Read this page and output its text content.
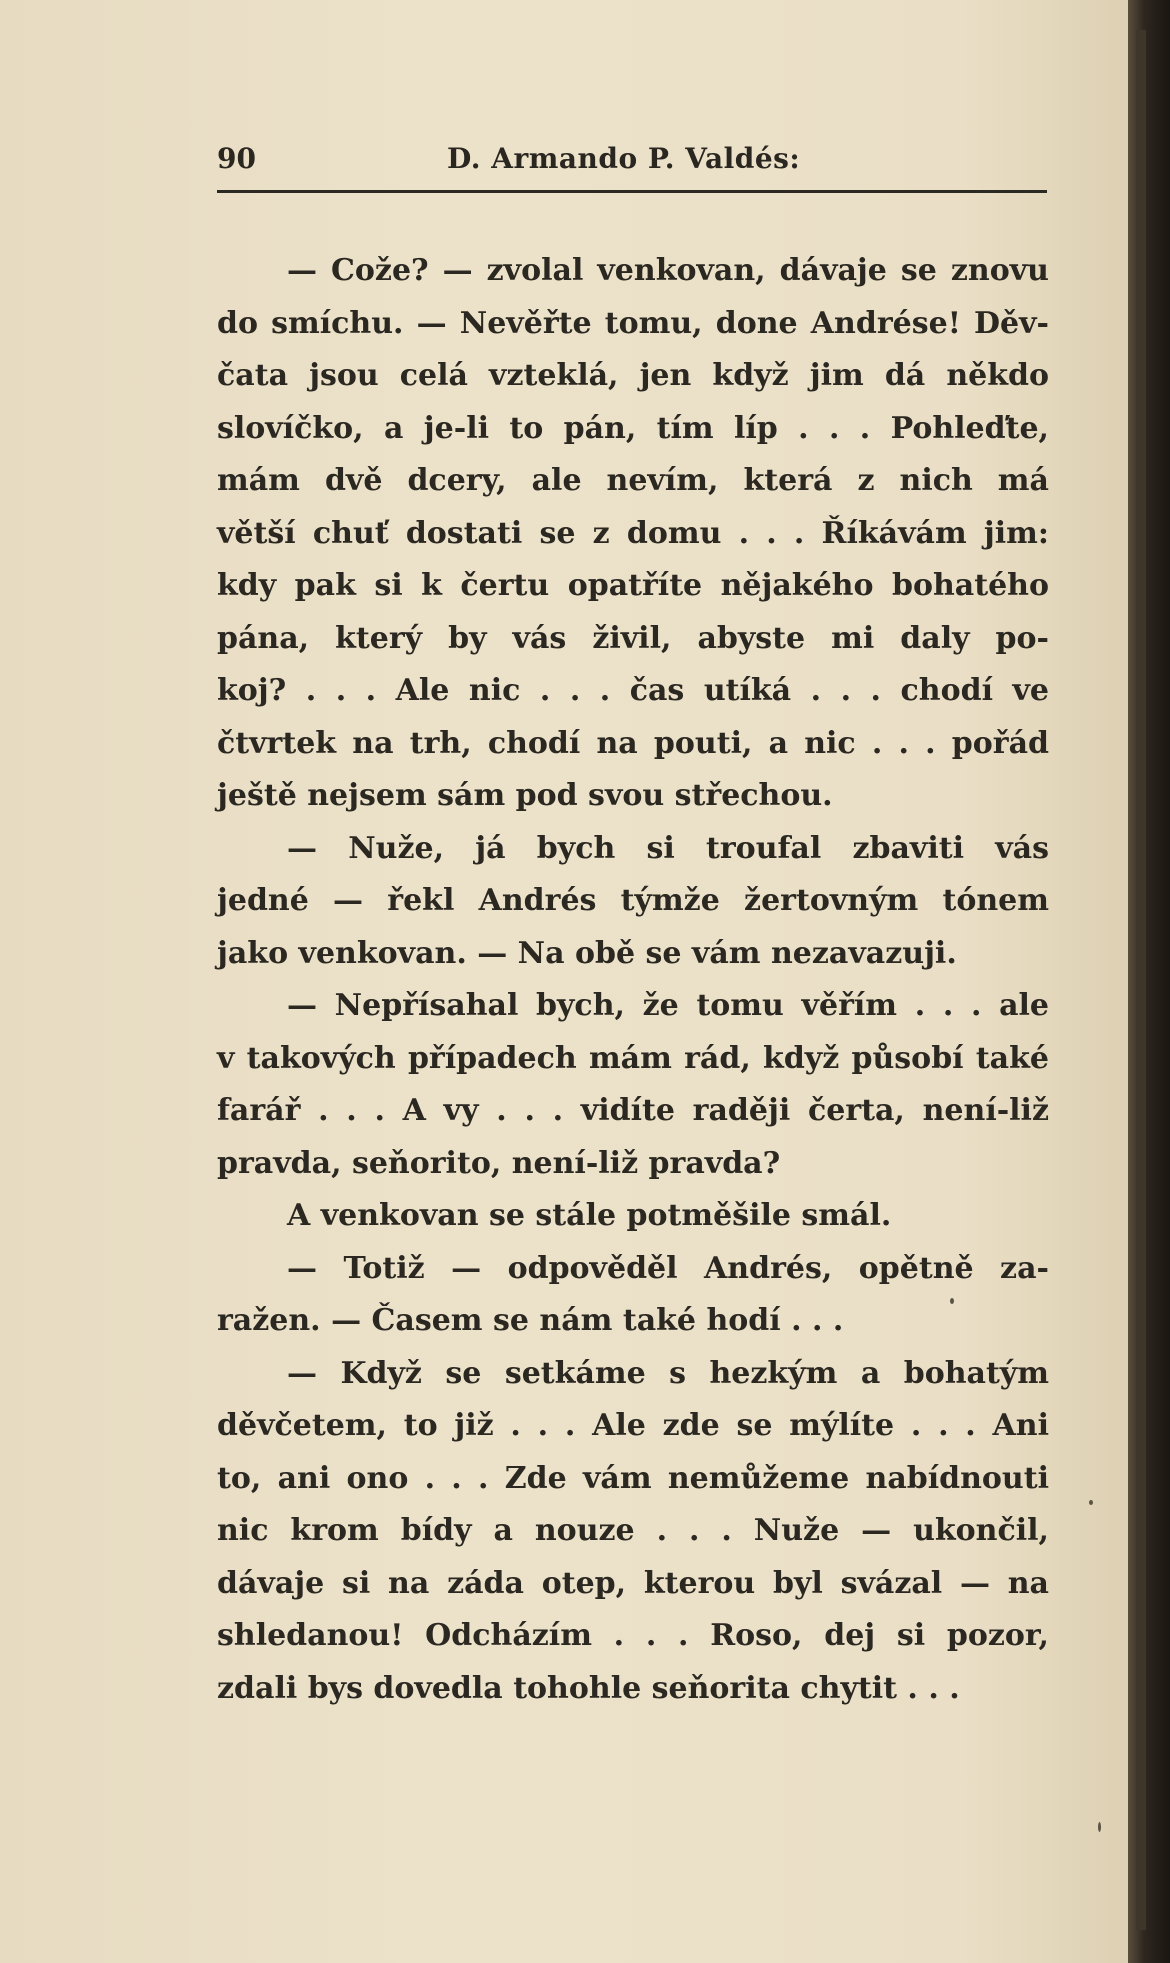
90	D. Armando P. Valdés:
— Cože? — zvolal venkovan, dávaje se znovu
do smíchu. — Nevěřte tomu, done Andrése! Děv-
čata jsou celá vzteklá, jen když jim dá někdo
slovíčko, a je-li to pán, tím líp . . . Pohleďte,
mám dvě dcery, ale nevím, která z nich má
větší chuť dostati se z domu . . . Říkávám jim:
kdy pak si k čertu opatříte nějakého bohatého
pána, který by vás živil, abyste mi daly po-
koj? . . . Ale nic . . . čas utíká . . . chodí ve
čtvrtek na trh, chodí na pouti, a nic . . . pořád
ještě nejsem sám pod svou střechou.
— Nuže, já bych si troufal zbaviti vás
jedné — řekl Andrés týmže žertovným tónem
jako venkovan. — Na obě se vám nezavazuji.
— Nepřísahal bych, že tomu věřím . . . ale
v takových případech mám rád, když působí také
farář . . . A vy . . . vidíte raději čerta, není-liž
pravda, seňorito, není-liž pravda?
A venkovan se stále potměšile smál.
— Totiž — odpověděl Andrés, opětně za-
ražen. — Časem se nám také hodí . . .
— Když se setkáme s hezkým a bohatým
děvčetem, to již . . . Ale zde se mýlíte . . . Ani
to, ani ono . . . Zde vám nemůžeme nabídnouti
nic krom bídy a nouze . . . Nuže — ukončil,
dávaje si na záda otep, kterou byl svázal — na
shledanou! Odcházím . . . Roso, dej si pozor,
zdali bys dovedla tohohle seňorita chytit . . .
